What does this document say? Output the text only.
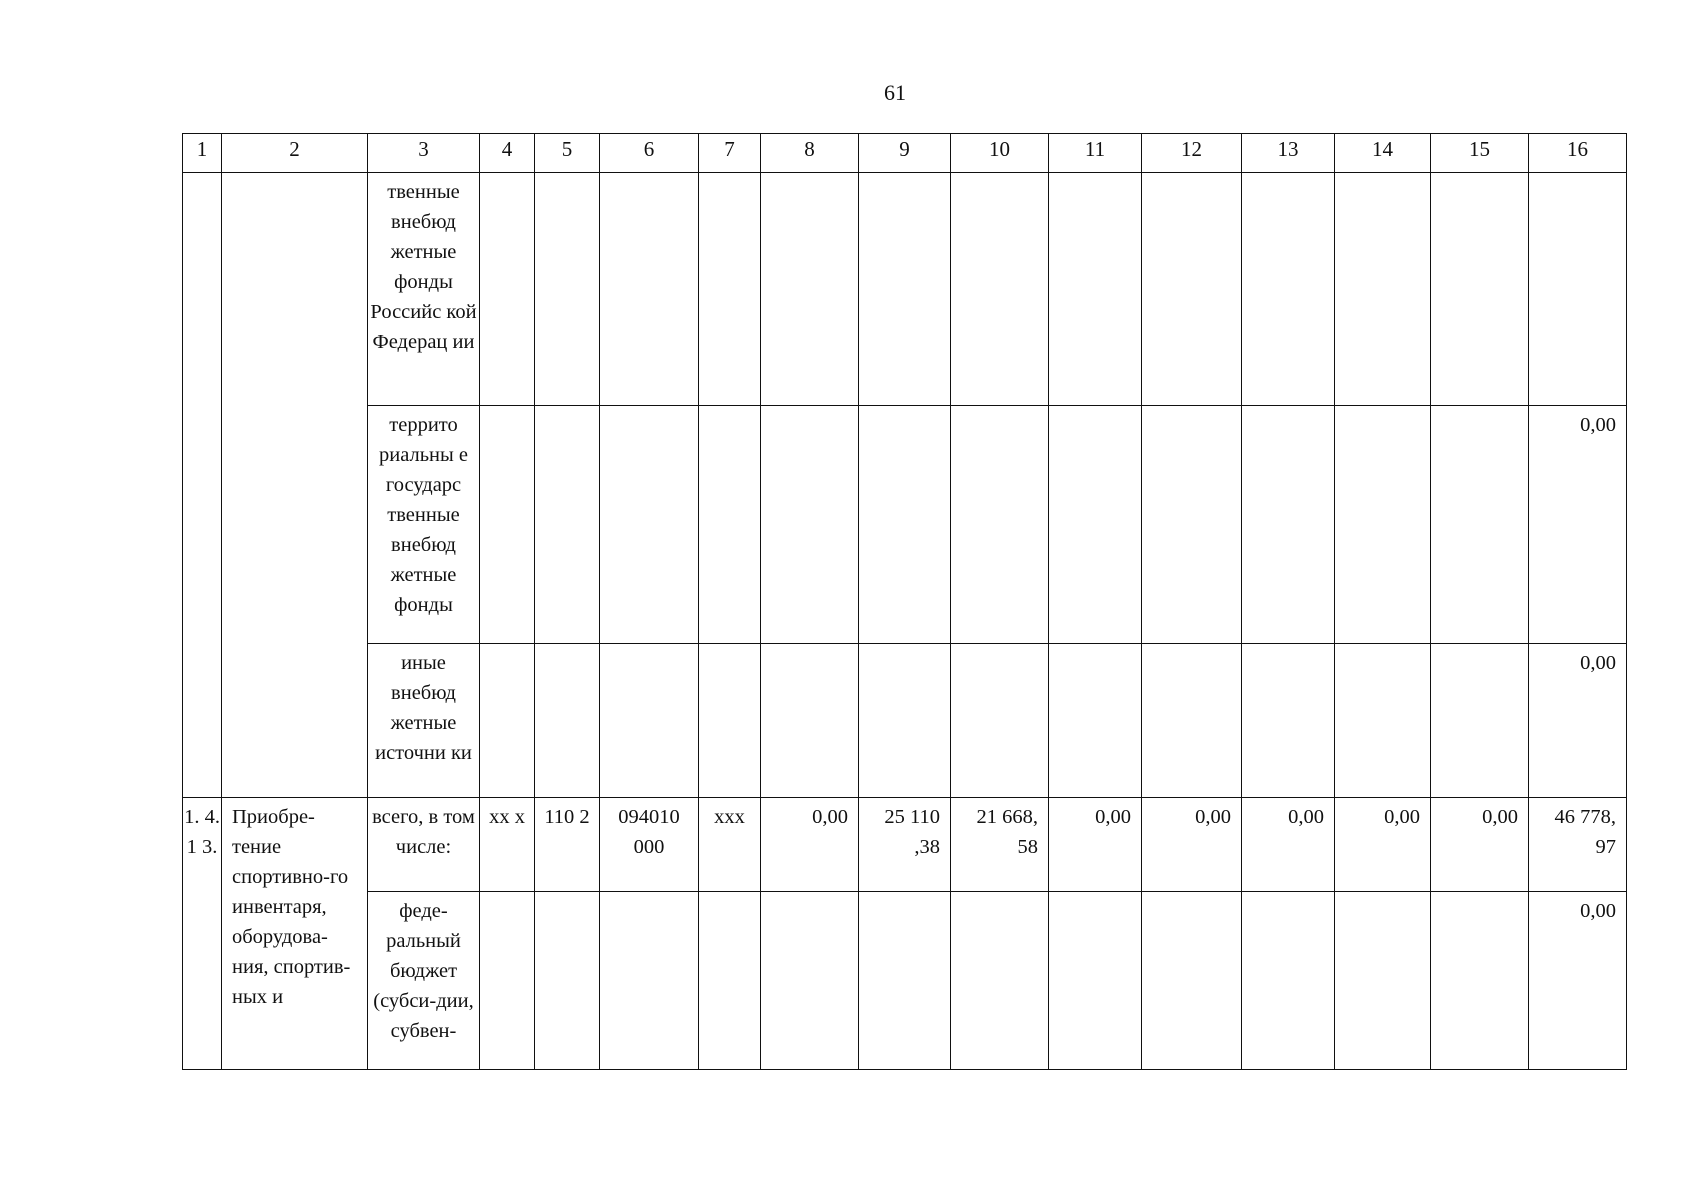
61
1	2	3	4	5	6	7	8	9	10	11	12	13	14	15	16
		твенные внебюд жетные фонды Российс кой Федерац ии													
		террито риальны е государс твенные внебюд жетные фонды													0,00
		иные внебюд жетные источни ки													0,00
1. 4. 1 3.	Приобре-тение спортивно-го инвентаря, оборудова-ния, спортив-ных и	всего, в том числе:	xx x	110 2	094010 000	xxx	0,00	25 110 ,38	21 668, 58	0,00	0,00	0,00	0,00	0,00	46 778, 97
		феде-ральный бюджет (субси-дии, субвен-													0,00
